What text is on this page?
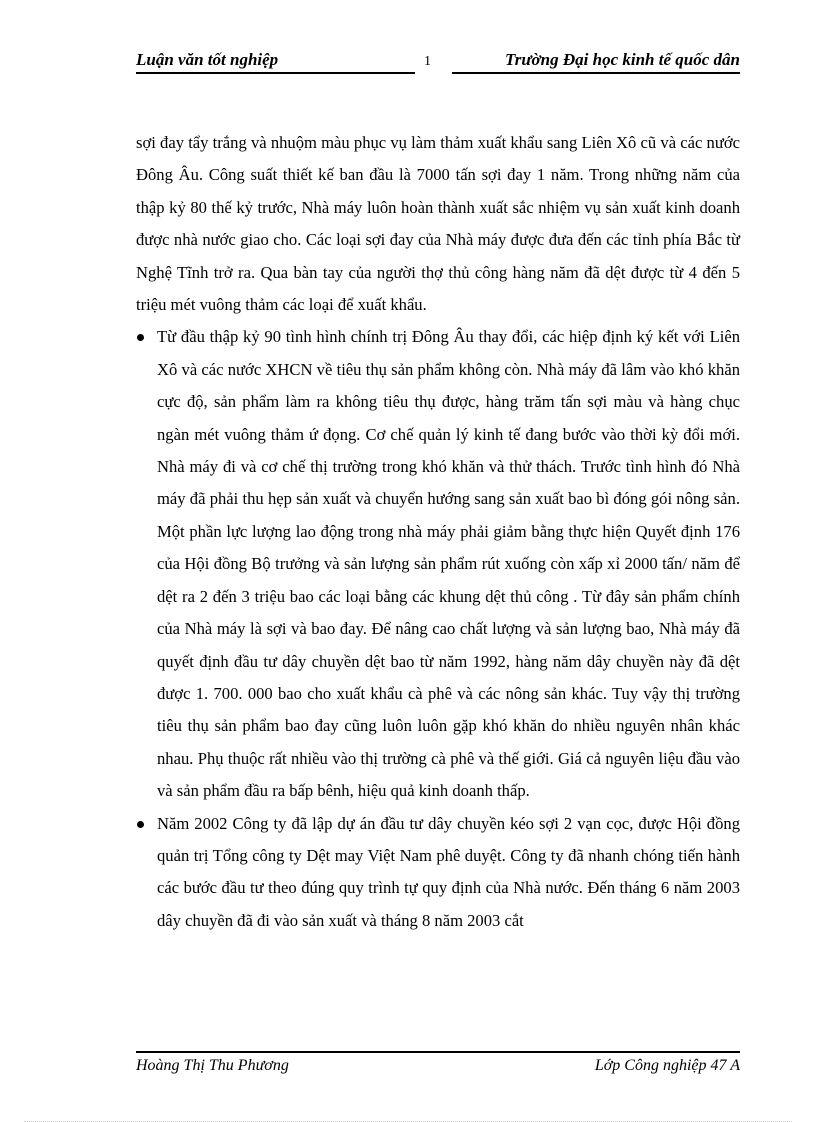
Luận văn tốt nghiệp	1	Trường Đại học kinh tế quốc dân

sợi đay tẩy trắng và nhuộm màu phục vụ làm thảm xuất khẩu sang Liên Xô cũ và các nước Đông Âu. Công suất thiết kế ban đầu là 7000 tấn sợi đay 1 năm. Trong những năm của thập kỷ 80 thế kỷ trước, Nhà máy luôn hoàn thành xuất sắc nhiệm vụ sản xuất kinh doanh được nhà nước giao cho. Các loại sợi đay của Nhà máy được đưa đến các tỉnh phía Bắc từ Nghệ Tĩnh trở ra. Qua bàn tay của người thợ thủ công hàng năm đã dệt được từ 4 đến 5 triệu mét vuông thảm các loại để xuất khẩu.

Từ đầu thập kỷ 90 tình hình chính trị Đông Âu thay đổi, các hiệp định ký kết với Liên Xô và các nước XHCN về tiêu thụ sản phẩm không còn. Nhà máy đã lâm vào khó khăn cực độ, sản phẩm làm ra không tiêu thụ được, hàng trăm tấn sợi màu và hàng chục ngàn mét vuông thảm ứ đọng. Cơ chế quản lý kinh tế đang bước vào thời kỳ đổi mới. Nhà máy đi và cơ chế thị trường trong khó khăn và thử thách. Trước tình hình đó Nhà máy đã phải thu hẹp sản xuất và chuyển hướng sang sản xuất bao bì đóng gói nông sản. Một phần lực lượng lao động trong nhà máy phải giảm bằng thực hiện Quyết định 176 của Hội đồng Bộ trưởng và sản lượng sản phẩm rút xuống còn xấp xỉ 2000 tấn/ năm để dệt ra 2 đến 3 triệu bao các loại bằng các khung dệt thủ công . Từ đây sản phẩm chính của Nhà máy là sợi và bao đay. Để nâng cao chất lượng và sản lượng bao, Nhà máy đã quyết định đầu tư dây chuyền dệt bao từ năm 1992, hàng năm dây chuyền này đã dệt được 1. 700. 000 bao cho xuất khẩu cà phê và các nông sản khác. Tuy vậy thị trường tiêu thụ sản phẩm bao đay cũng luôn luôn gặp khó khăn do nhiều nguyên nhân khác nhau. Phụ thuộc rất nhiều vào thị trường cà phê và thế giới. Giá cả nguyên liệu đầu vào và sản phẩm đầu ra bấp bênh, hiệu quả kinh doanh thấp.
Năm 2002 Công ty đã lập dự án đầu tư dây chuyền kéo sợi 2 vạn cọc, được Hội đồng quản trị Tổng công ty Dệt may Việt Nam phê duyệt. Công ty đã nhanh chóng tiến hành các bước đầu tư theo đúng quy trình tự quy định của Nhà nước. Đến tháng 6 năm 2003 dây chuyền đã đi vào sản xuất và tháng 8 năm 2003 cắt
Hoàng Thị Thu Phương	Lớp Công nghiệp 47 A
